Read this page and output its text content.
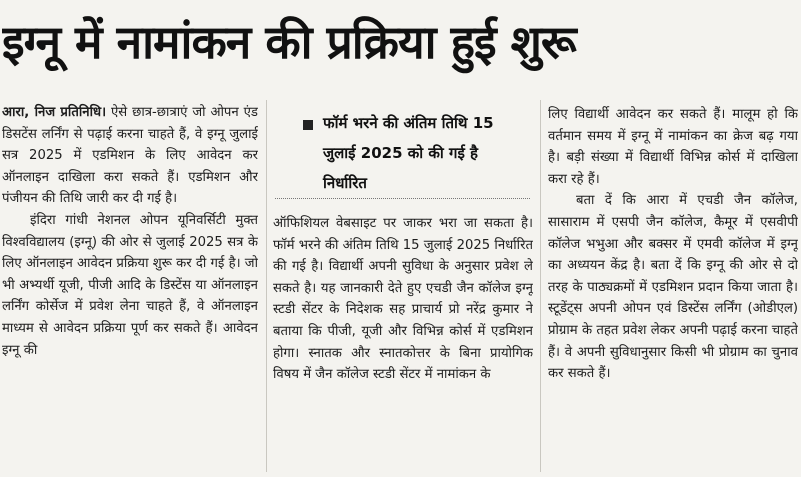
इग्नू में नामांकन की प्रक्रिया हुई शुरू

आरा, निज प्रतिनिधि। ऐसे छात्र-छात्राएं जो ओपन एंड डिसटेंस लर्निंग से पढ़ाई करना चाहते हैं, वे इग्नू जुलाई सत्र 2025 में एडमिशन के लिए आवेदन कर ऑनलाइन दाखिला करा सकते हैं। एडमिशन और पंजीयन की तिथि जारी कर दी गई है।

इंदिरा गांधी नेशनल ओपन यूनिवर्सिटी मुक्त विश्वविद्यालय (इग्नू) की ओर से जुलाई 2025 सत्र के लिए ऑनलाइन आवेदन प्रक्रिया शुरू कर दी गई है। जो भी अभ्यर्थी यूजी, पीजी आदि के डिस्टेंस या ऑनलाइन लर्निंग कोर्सेज में प्रवेश लेना चाहते हैं, वे ऑनलाइन माध्यम से आवेदन प्रक्रिया पूर्ण कर सकते हैं। आवेदन इग्नू की

फॉर्म भरने की अंतिम तिथि 15 जुलाई 2025 को की गई है निर्धारित

ऑफिशियल वेबसाइट पर जाकर भरा जा सकता है। फॉर्म भरने की अंतिम तिथि 15 जुलाई 2025 निर्धारित की गई है। विद्यार्थी अपनी सुविधा के अनुसार प्रवेश ले सकते है। यह जानकारी देते हुए एचडी जैन कॉलेज इग्नू स्टडी सेंटर के निदेशक सह प्राचार्य प्रो नरेंद्र कुमार ने बताया कि पीजी, यूजी और विभिन्न कोर्स में एडमिशन होगा। स्नातक और स्नातकोत्तर के बिना प्रायोगिक विषय में जैन कॉलेज स्टडी सेंटर में नामांकन के

लिए विद्यार्थी आवेदन कर सकते हैं। मालूम हो कि वर्तमान समय में इग्नू में नामांकन का क्रेज बढ़ गया है। बड़ी संख्या में विद्यार्थी विभिन्न कोर्स में दाखिला करा रहे हैं।

बता दें कि आरा में एचडी जैन कॉलेज, सासाराम में एसपी जैन कॉलेज, कैमूर में एसवीपी कॉलेज भभुआ और बक्सर में एमवी कॉलेज में इग्नू का अध्ययन केंद्र है। बता दें कि इग्नू की ओर से दो तरह के पाठ्यक्रमों में एडमिशन प्रदान किया जाता है। स्टूडेंट्स अपनी ओपन एवं डिस्टेंस लर्निंग (ओडीएल) प्रोग्राम के तहत प्रवेश लेकर अपनी पढ़ाई करना चाहते हैं। वे अपनी सुविधानुसार किसी भी प्रोग्राम का चुनाव कर सकते हैं।
